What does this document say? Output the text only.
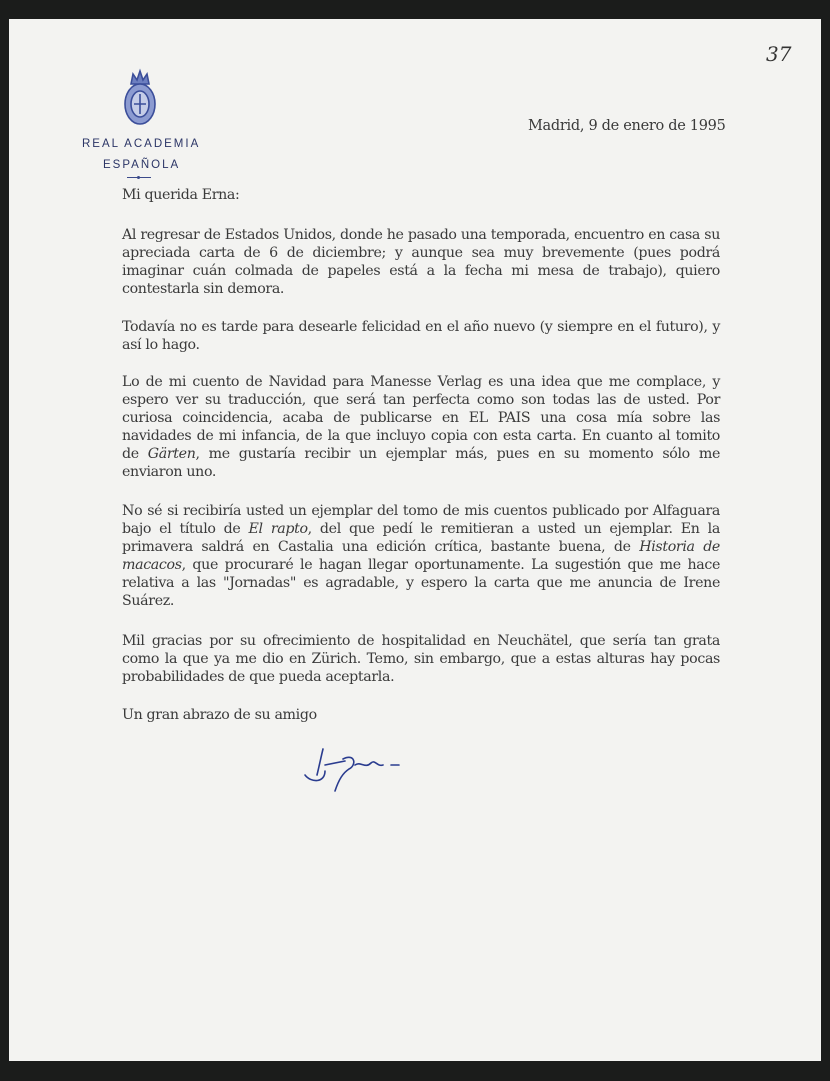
REAL ACADEMIA
ESPAÑOLA
37
Madrid, 9 de enero de 1995
Mi querida Erna:
Al regresar de Estados Unidos, donde he pasado una temporada, encuentro en casa su apreciada carta de 6 de diciembre; y aunque sea muy brevemente (pues podrá imaginar cuán colmada de papeles está a la fecha mi mesa de trabajo), quiero contestarla sin demora.
Todavía no es tarde para desearle felicidad en el año nuevo (y siempre en el futuro), y así lo hago.
Lo de mi cuento de Navidad para Manesse Verlag es una idea que me complace, y espero ver su traducción, que será tan perfecta como son todas las de usted. Por curiosa coincidencia, acaba de publicarse en EL PAIS una cosa mía sobre las navidades de mi infancia, de la que incluyo copia con esta carta. En cuanto al tomito de Gärten, me gustaría recibir un ejemplar más, pues en su momento sólo me enviaron uno.
No sé si recibiría usted un ejemplar del tomo de mis cuentos publicado por Alfaguara bajo el título de El rapto, del que pedí le remitieran a usted un ejemplar. En la primavera saldrá en Castalia una edición crítica, bastante buena, de Historia de macacos, que procuraré le hagan llegar oportunamente. La sugestión que me hace relativa a las "Jornadas" es agradable, y espero la carta que me anuncia de Irene Suárez.
Mil gracias por su ofrecimiento de hospitalidad en Neuchätel, que sería tan grata como la que ya me dio en Zürich. Temo, sin embargo, que a estas alturas hay pocas probabilidades de que pueda aceptarla.
Un gran abrazo de su amigo
